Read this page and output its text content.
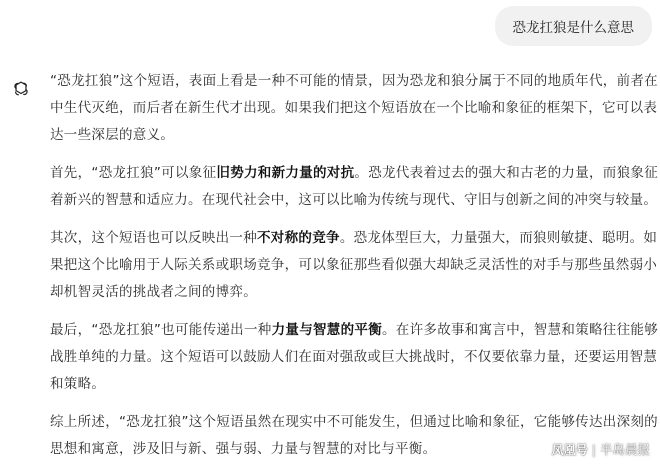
恐龙扛狼是什么意思

“恐龙扛狼”这个短语，表面上看是一种不可能的情景，因为恐龙和狼分属于不同的地质年代，前者在中生代灭绝，而后者在新生代才出现。如果我们把这个短语放在一个比喻和象征的框架下，它可以表达一些深层的意义。

首先，“恐龙扛狼”可以象征旧势力和新力量的对抗。恐龙代表着过去的强大和古老的力量，而狼象征着新兴的智慧和适应力。在现代社会中，这可以比喻为传统与现代、守旧与创新之间的冲突与较量。

其次，这个短语也可以反映出一种不对称的竞争。恐龙体型巨大，力量强大，而狼则敏捷、聪明。如果把这个比喻用于人际关系或职场竞争，可以象征那些看似强大却缺乏灵活性的对手与那些虽然弱小却机智灵活的挑战者之间的博弈。

最后，“恐龙扛狼”也可能传递出一种力量与智慧的平衡。在许多故事和寓言中，智慧和策略往往能够战胜单纯的力量。这个短语可以鼓励人们在面对强敌或巨大挑战时，不仅要依靠力量，还要运用智慧和策略。

综上所述，“恐龙扛狼”这个短语虽然在现实中不可能发生，但通过比喻和象征，它能够传达出深刻的思想和寓意，涉及旧与新、强与弱、力量与智慧的对比与平衡。	凤凰号 | 半岛晨报
